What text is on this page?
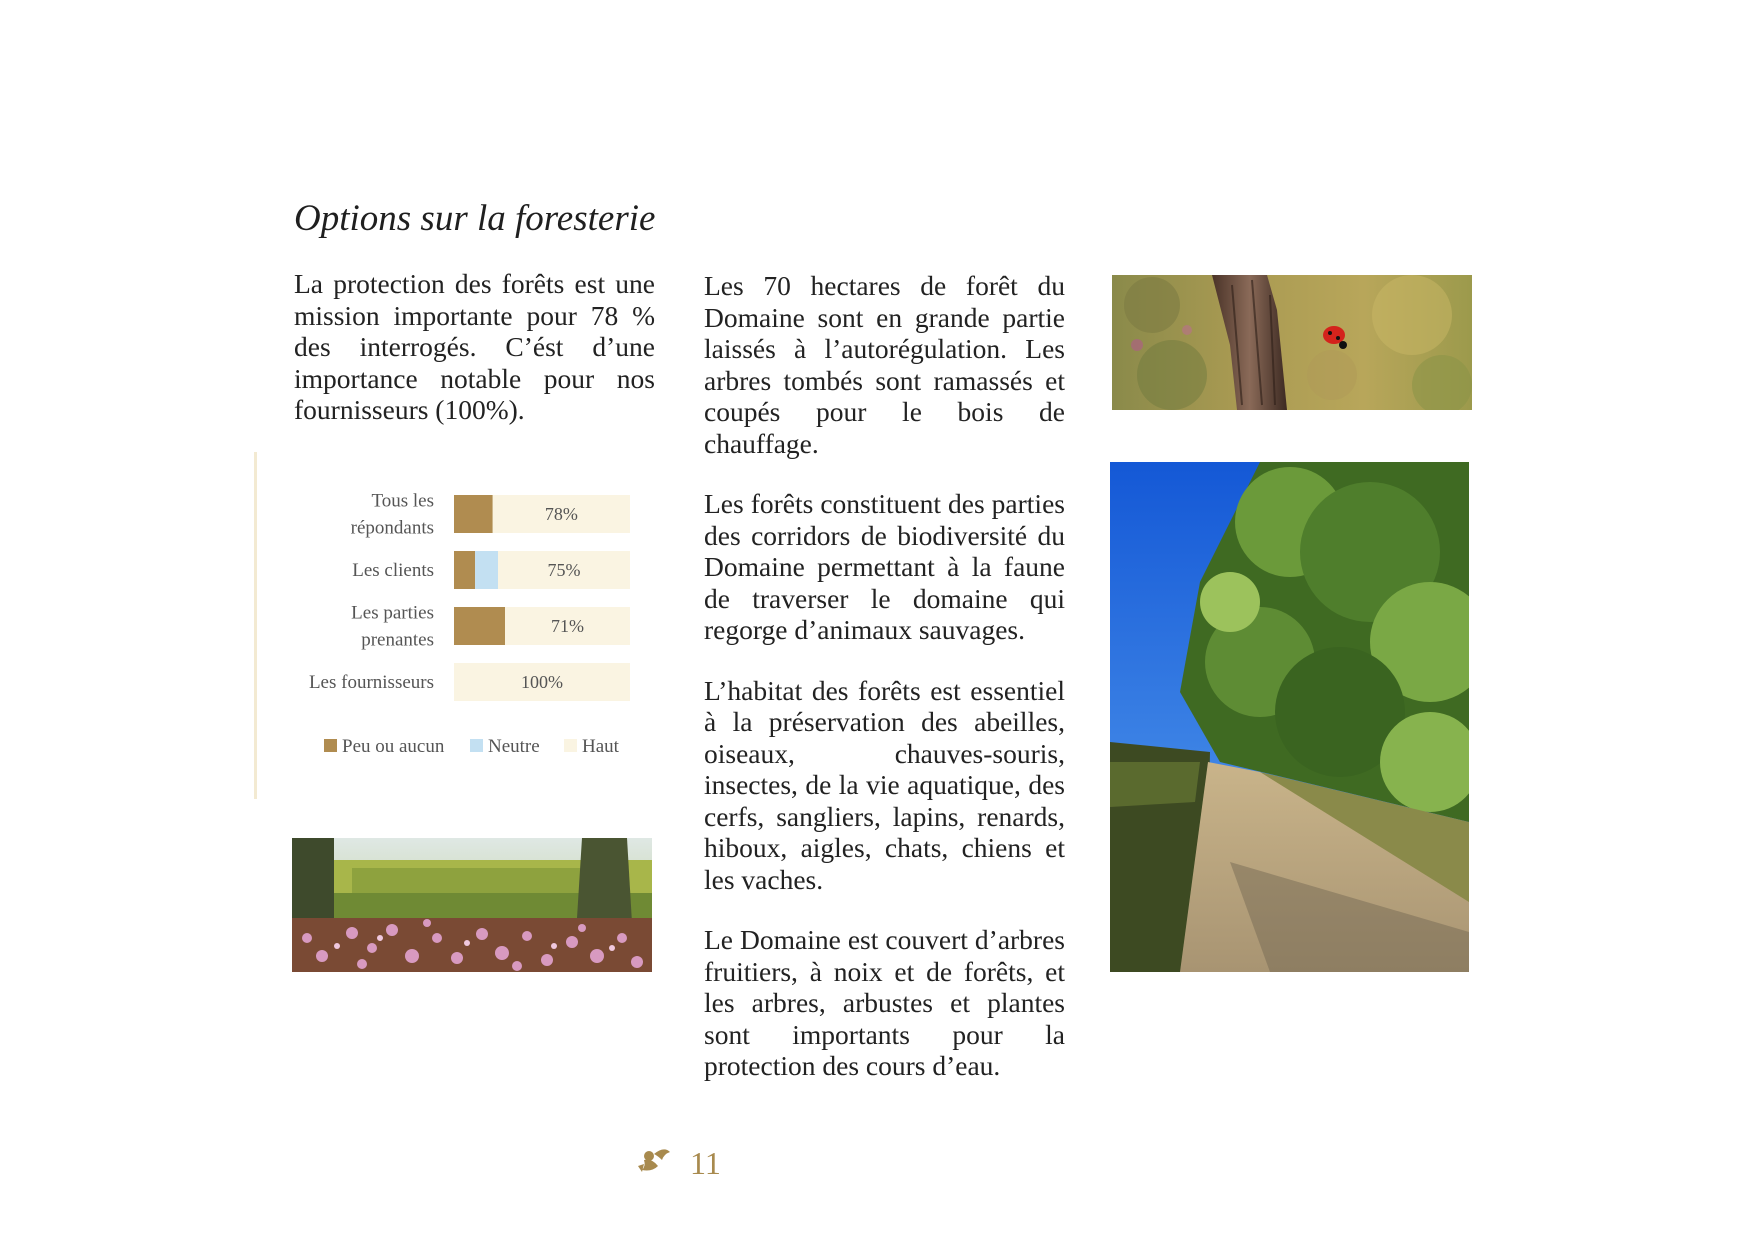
Options sur la foresterie
La protection des forêts est une mission importante pour 78 % des interrogés. C’ést d’une importance notable pour nos fournisseurs (100%).
78%
Tous les
répondants
75%
Les clients
71%
Les parties
prenantes
100%
Les fournisseurs
Peu ou aucun Neutre Haut

Les 70 hectares de forêt du Domaine sont en grande partie laissés à l’autorégulation. Les arbres tombés sont ramassés et coupés pour le bois de chauffage.

Les forêts constituent des parties des corridors de biodiversité du Domaine permettant à la faune de traverser le domaine qui regorge d’animaux sauvages.

L’habitat des forêts est essentiel à la préservation des abeilles, oiseaux, chauves-souris, insectes, de la vie aquatique, des cerfs, sangliers, lapins, renards, hiboux, aigles, chats, chiens et les vaches.

Le Domaine est couvert d’arbres fruitiers, à noix et de forêts, et les arbres, arbustes et plantes sont importants pour la protection des cours d’eau.

11
